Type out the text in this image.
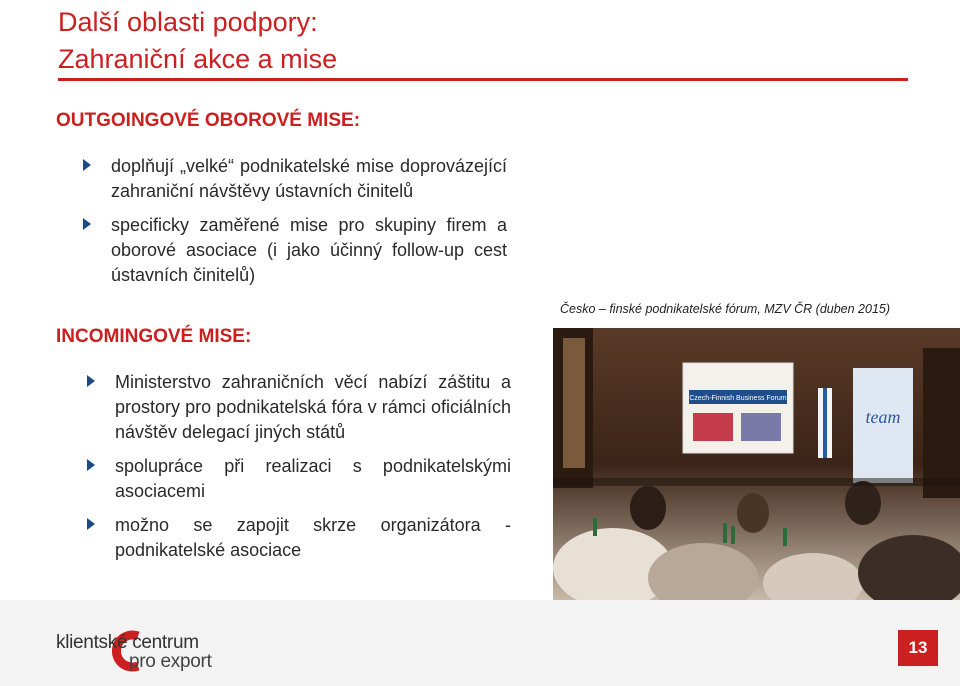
Další oblasti podpory:
Zahraniční akce a mise
OUTGOINGOVÉ OBOROVÉ MISE:
doplňují „velké“ podnikatelské mise doprovázející zahraniční návštěvy ústavních činitelů
specificky zaměřené mise pro skupiny firem a oborové asociace (i jako účinný follow-up cest ústavních činitelů)
INCOMINGOVÉ MISE:
Ministerstvo zahraničních věcí nabízí záštitu a prostory pro podnikatelská fóra v rámci oficiálních návštěv delegací jiných států
spolupráce při realizaci s podnikatelskými asociacemi
možno se zapojit skrze organizátora - podnikatelské asociace
Česko – finské podnikatelské fórum, MZV ČR (duben 2015)
Czech-Finnish Business Forum
team
klientské centrum
pro export
13
